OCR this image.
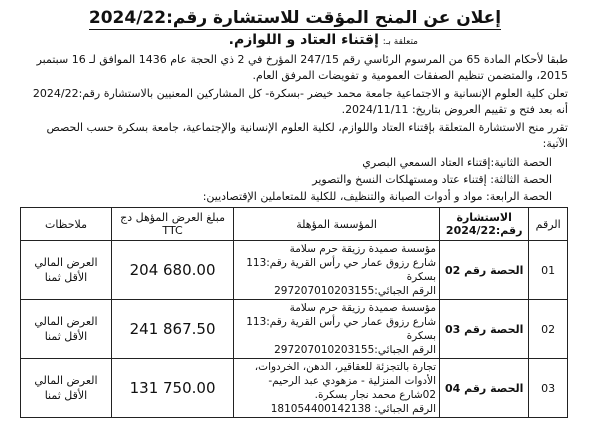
إعلان عن المنح المؤقت للاستشارة رقم:2024/22
متعلقة بـ: إقتناء العتاد و اللوازم.

طبقا لأحكام المادة 65 من المرسوم الرئاسي رقم 247/15 المؤرخ في 2 ذي الحجة عام 1436 الموافق لـ 16 سبتمبر 2015، والمتضمن تنظيم الصفقات العمومية و تفويضات المرفق العام.

تعلن كلية العلوم الإنسانية و الاجتماعية جامعة محمد خيضر -بسكرة- كل المشاركين المعنيين بالاستشارة رقم:2024/22 أنه بعد فتح و تقييم العروض بتاريخ: 2024/11/11.

تقرر منح الاستشارة المتعلقة بإقتناء العتاد واللوازم، لكلية العلوم الإنسانية والإجتماعية، جامعة بسكرة حسب الحصص الآتية:

الحصة الثانية:إقتناء العتاد السمعي البصري
الحصة الثالثة: إقتناء عتاد ومستهلكات النسخ والتصوير
الحصة الرابعة: مواد و أدوات الصيانة والتنظيف، للكلية للمتعاملين الإقتصاديين:
الرقم	الاستشارة رقم:2024/22	المؤسسة المؤهلة	مبلغ العرض المؤهل دج TTC	ملاحظات
01	الحصة رقم 02	مؤسسة صميدة رزيقة حرم سلامة
شارع رزوق عمار حي رأس القرية رقم:113 بسكرة
الرقم الجبائي:297207010203155	204 680.00	العرض المالي الأقل ثمنا
02	الحصة رقم 03	مؤسسة صميدة رزيقة حرم سلامة
شارع رزوق عمار حي رأس القرية رقم:113 بسكرة
الرقم الجبائي:297207010203155	241 867.50	العرض المالي الأقل ثمنا
03	الحصة رقم 04	تجارة بالتجزئة للعقاقير، الدهن، الخردوات، الأدوات المنزلية - مزهودي عبد الرحيم- 02شارع محمد نجار بسكرة.
الرقم الجبائي: 181054400142138	131 750.00	العرض المالي الأقل ثمنا
